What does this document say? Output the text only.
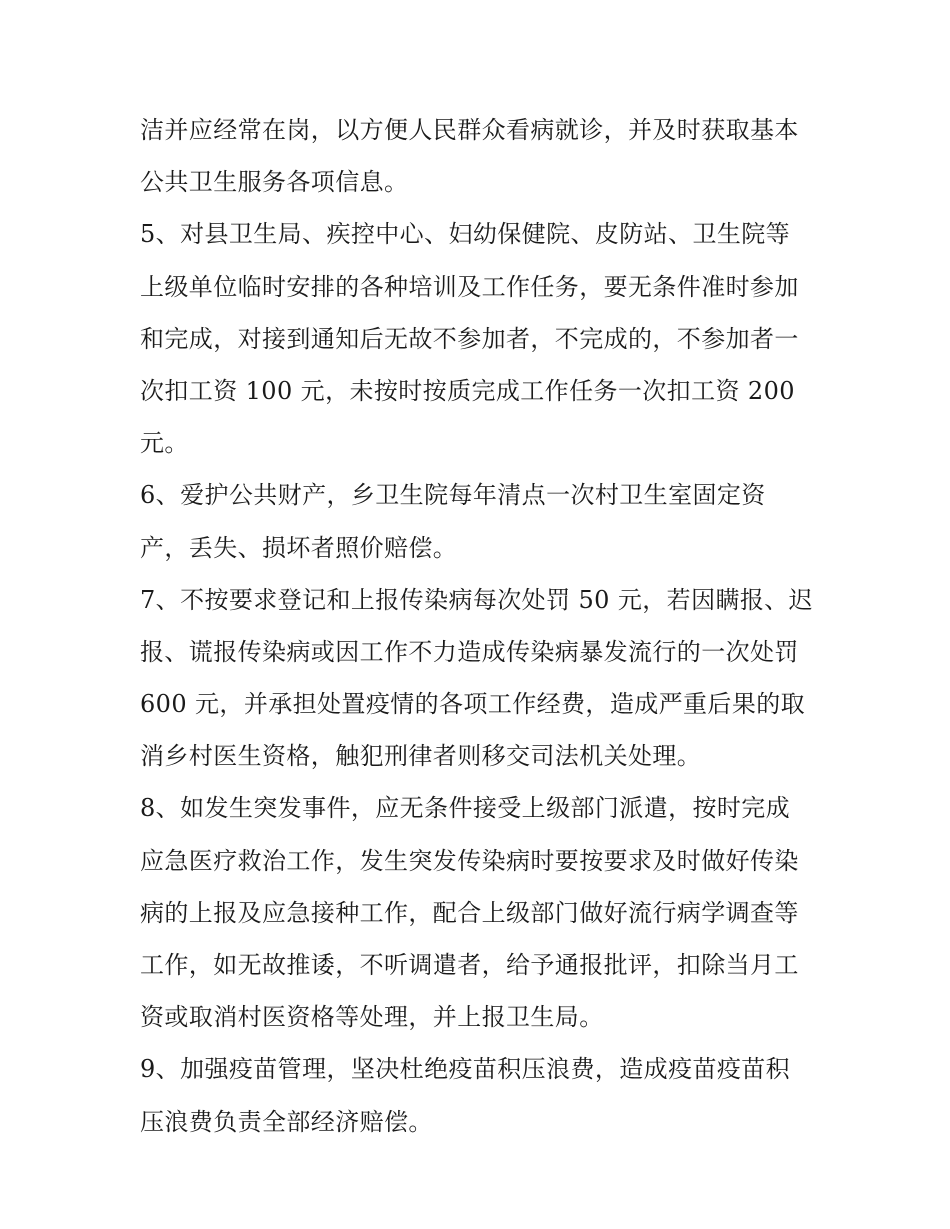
洁并应经常在岗，以方便人民群众看病就诊，并及时获取基本
公共卫生服务各项信息。
5、对县卫生局、疾控中心、妇幼保健院、皮防站、卫生院等
上级单位临时安排的各种培训及工作任务，要无条件准时参加
和完成，对接到通知后无故不参加者，不完成的，不参加者一
次扣工资 100 元，未按时按质完成工作任务一次扣工资 200
元。
6、爱护公共财产，乡卫生院每年清点一次村卫生室固定资
产，丢失、损坏者照价赔偿。
7、不按要求登记和上报传染病每次处罚 50 元，若因瞒报、迟
报、谎报传染病或因工作不力造成传染病暴发流行的一次处罚
600 元，并承担处置疫情的各项工作经费，造成严重后果的取
消乡村医生资格，触犯刑律者则移交司法机关处理。
8、如发生突发事件，应无条件接受上级部门派遣，按时完成
应急医疗救治工作，发生突发传染病时要按要求及时做好传染
病的上报及应急接种工作，配合上级部门做好流行病学调查等
工作，如无故推诿，不听调遣者，给予通报批评，扣除当月工
资或取消村医资格等处理，并上报卫生局。
9、加强疫苗管理，坚决杜绝疫苗积压浪费，造成疫苗疫苗积
压浪费负责全部经济赔偿。
